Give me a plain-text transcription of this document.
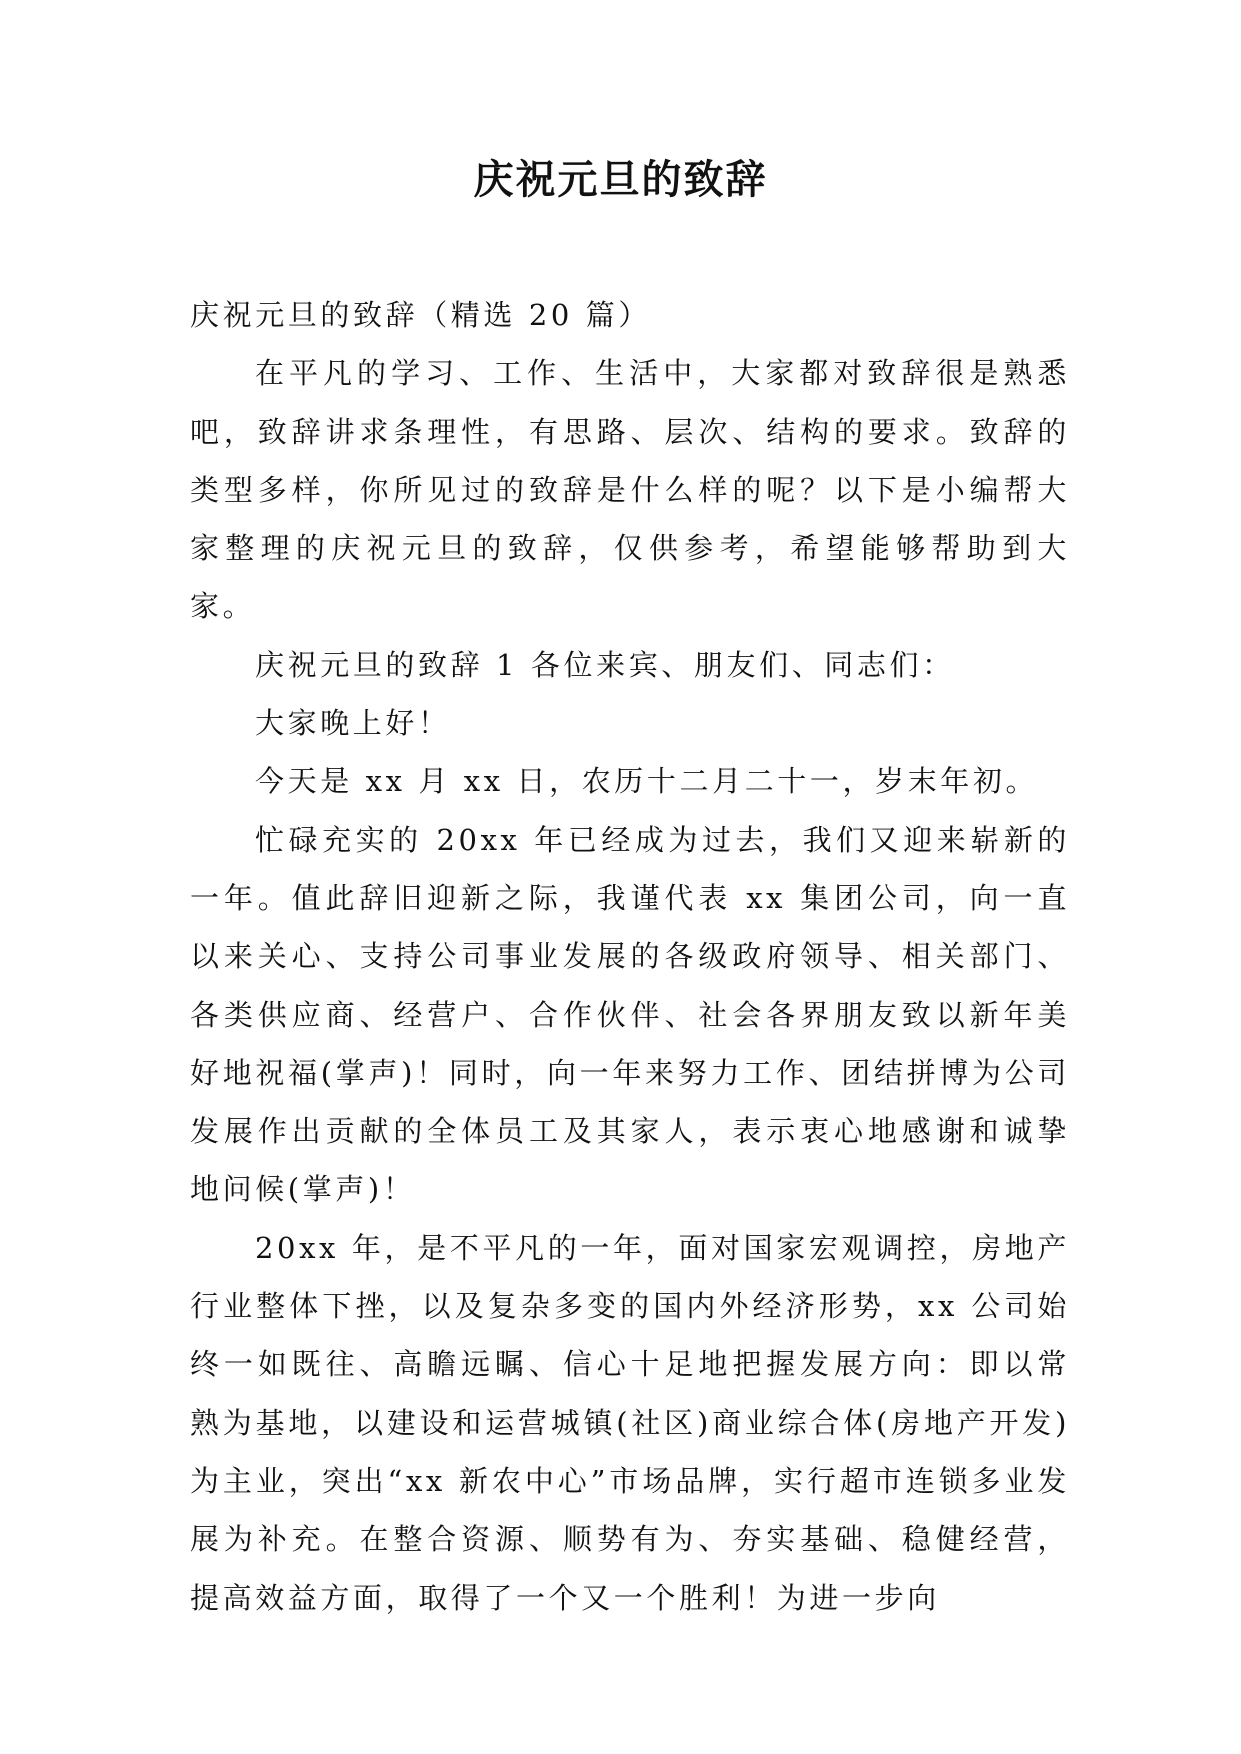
庆祝元旦的致辞

庆祝元旦的致辞（精选 20 篇）

在平凡的学习、工作、生活中，大家都对致辞很是熟悉吧，致辞讲求条理性，有思路、层次、结构的要求。致辞的类型多样，你所见过的致辞是什么样的呢？以下是小编帮大家整理的庆祝元旦的致辞，仅供参考，希望能够帮助到大家。

庆祝元旦的致辞 1 各位来宾、朋友们、同志们：

大家晚上好！

今天是 xx 月 xx 日，农历十二月二十一，岁末年初。

忙碌充实的 20xx 年已经成为过去，我们又迎来崭新的一年。值此辞旧迎新之际，我谨代表 xx 集团公司，向一直以来关心、支持公司事业发展的各级政府领导、相关部门、各类供应商、经营户、合作伙伴、社会各界朋友致以新年美好地祝福(掌声)！同时，向一年来努力工作、团结拼博为公司发展作出贡献的全体员工及其家人，表示衷心地感谢和诚挚地问候(掌声)！

20xx 年，是不平凡的一年，面对国家宏观调控，房地产行业整体下挫，以及复杂多变的国内外经济形势，xx 公司始终一如既往、高瞻远瞩、信心十足地把握发展方向：即以常熟为基地，以建设和运营城镇(社区)商业综合体(房地产开发)为主业，突出“xx 新农中心”市场品牌，实行超市连锁多业发展为补充。在整合资源、顺势有为、夯实基础、稳健经营，提高效益方面，取得了一个又一个胜利！为进一步向
